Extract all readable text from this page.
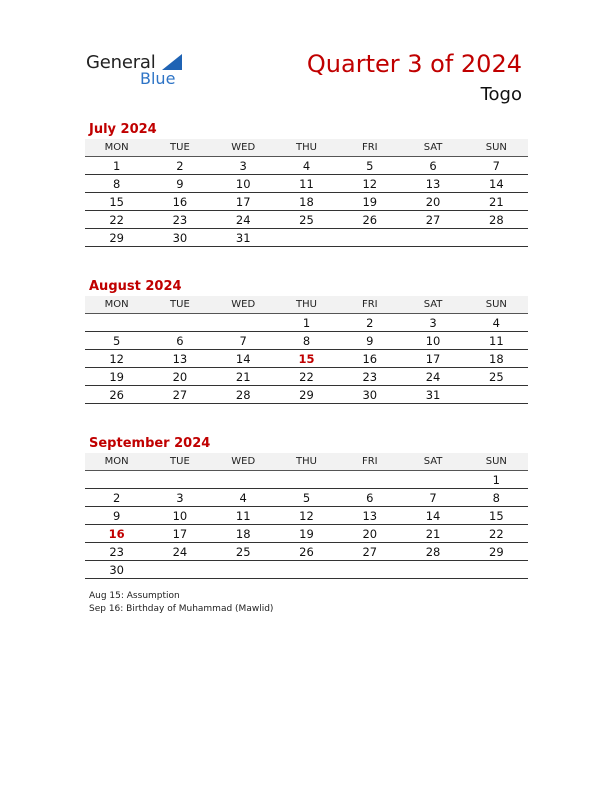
General
Blue
Quarter 3 of 2024
Togo
July 2024
MON	TUE	WED	THU	FRI	SAT	SUN
1	2	3	4	5	6	7
8	9	10	11	12	13	14
15	16	17	18	19	20	21
22	23	24	25	26	27	28
29	30	31				
August 2024
MON	TUE	WED	THU	FRI	SAT	SUN
			1	2	3	4
5	6	7	8	9	10	11
12	13	14	15	16	17	18
19	20	21	22	23	24	25
26	27	28	29	30	31	
September 2024
MON	TUE	WED	THU	FRI	SAT	SUN
						1
2	3	4	5	6	7	8
9	10	11	12	13	14	15
16	17	18	19	20	21	22
23	24	25	26	27	28	29
30						
Aug 15: Assumption
Sep 16: Birthday of Muhammad (Mawlid)
